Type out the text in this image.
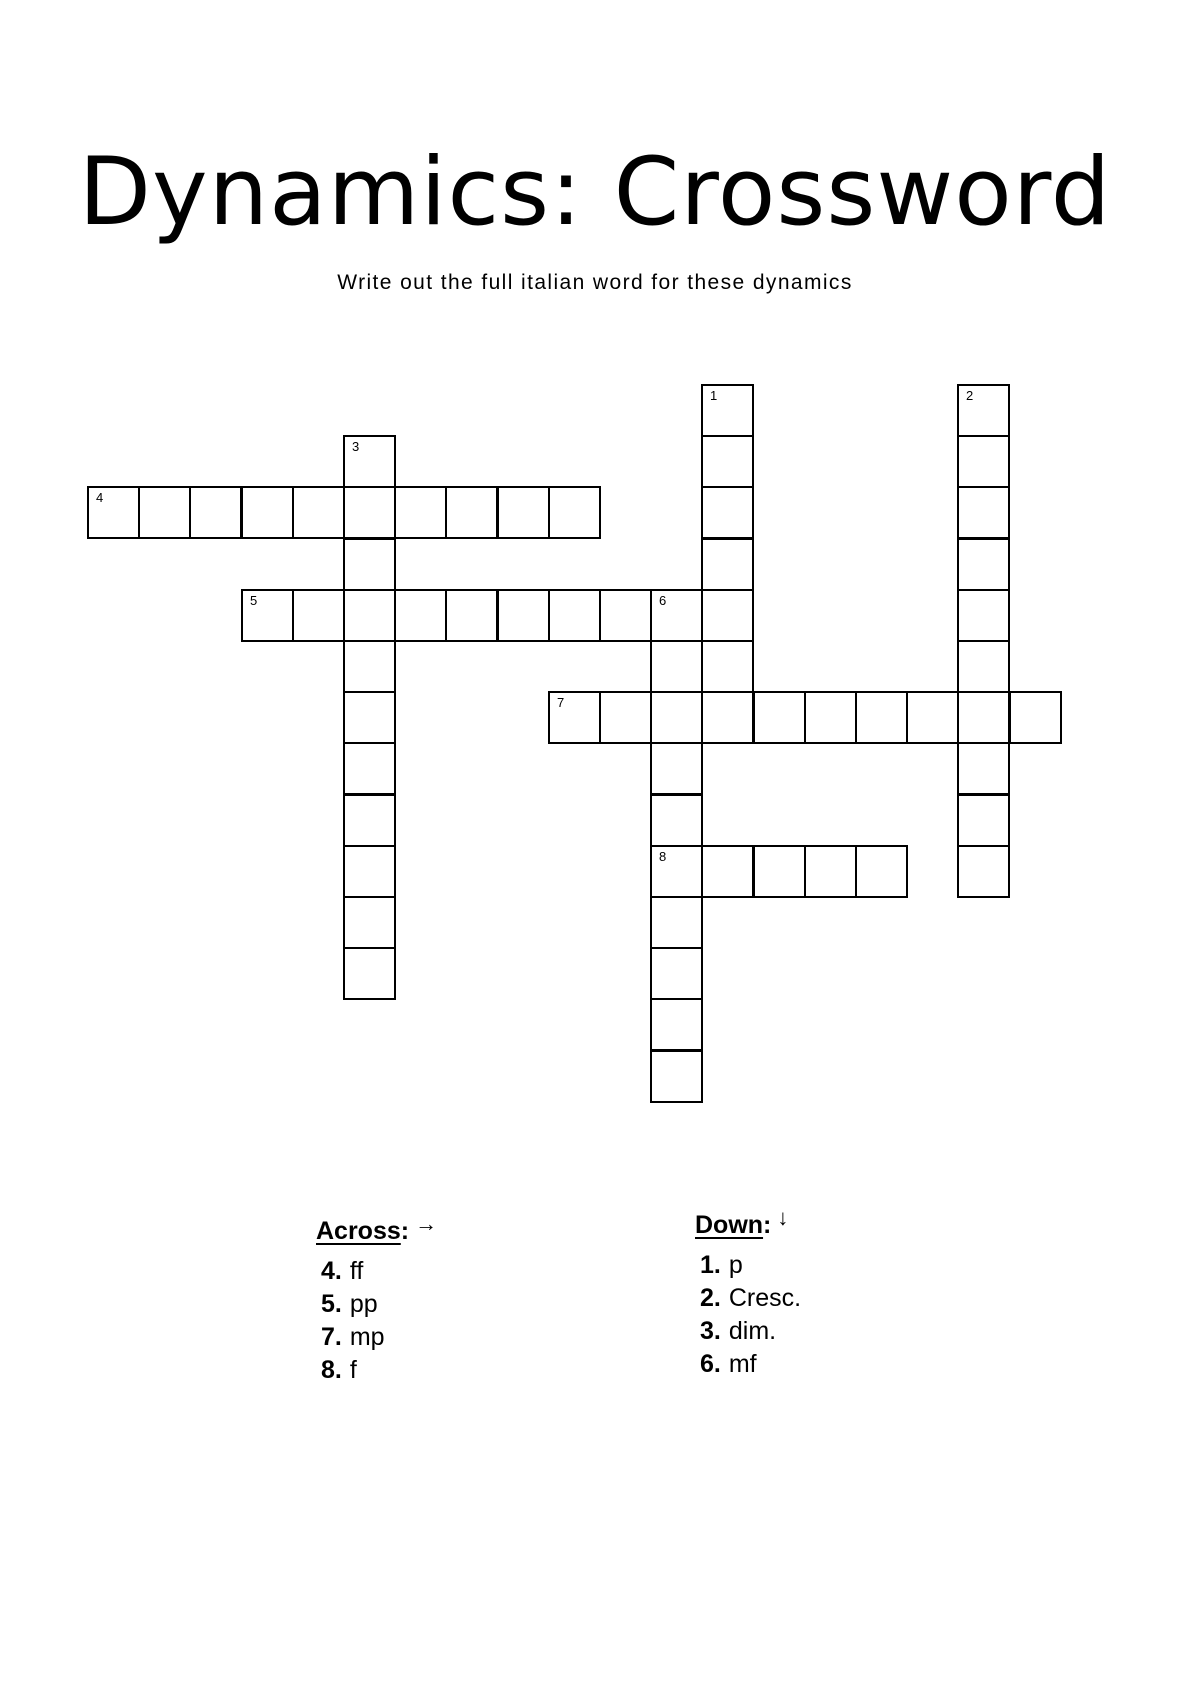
Dynamics: Crossword
Write out the full italian word for these dynamics
1	2
3
4
5	6
8
7
Across: →
4. ff
5. pp
7. mp
8. f
Down: ↓
1. p
2. Cresc.
3. dim.
6. mf
